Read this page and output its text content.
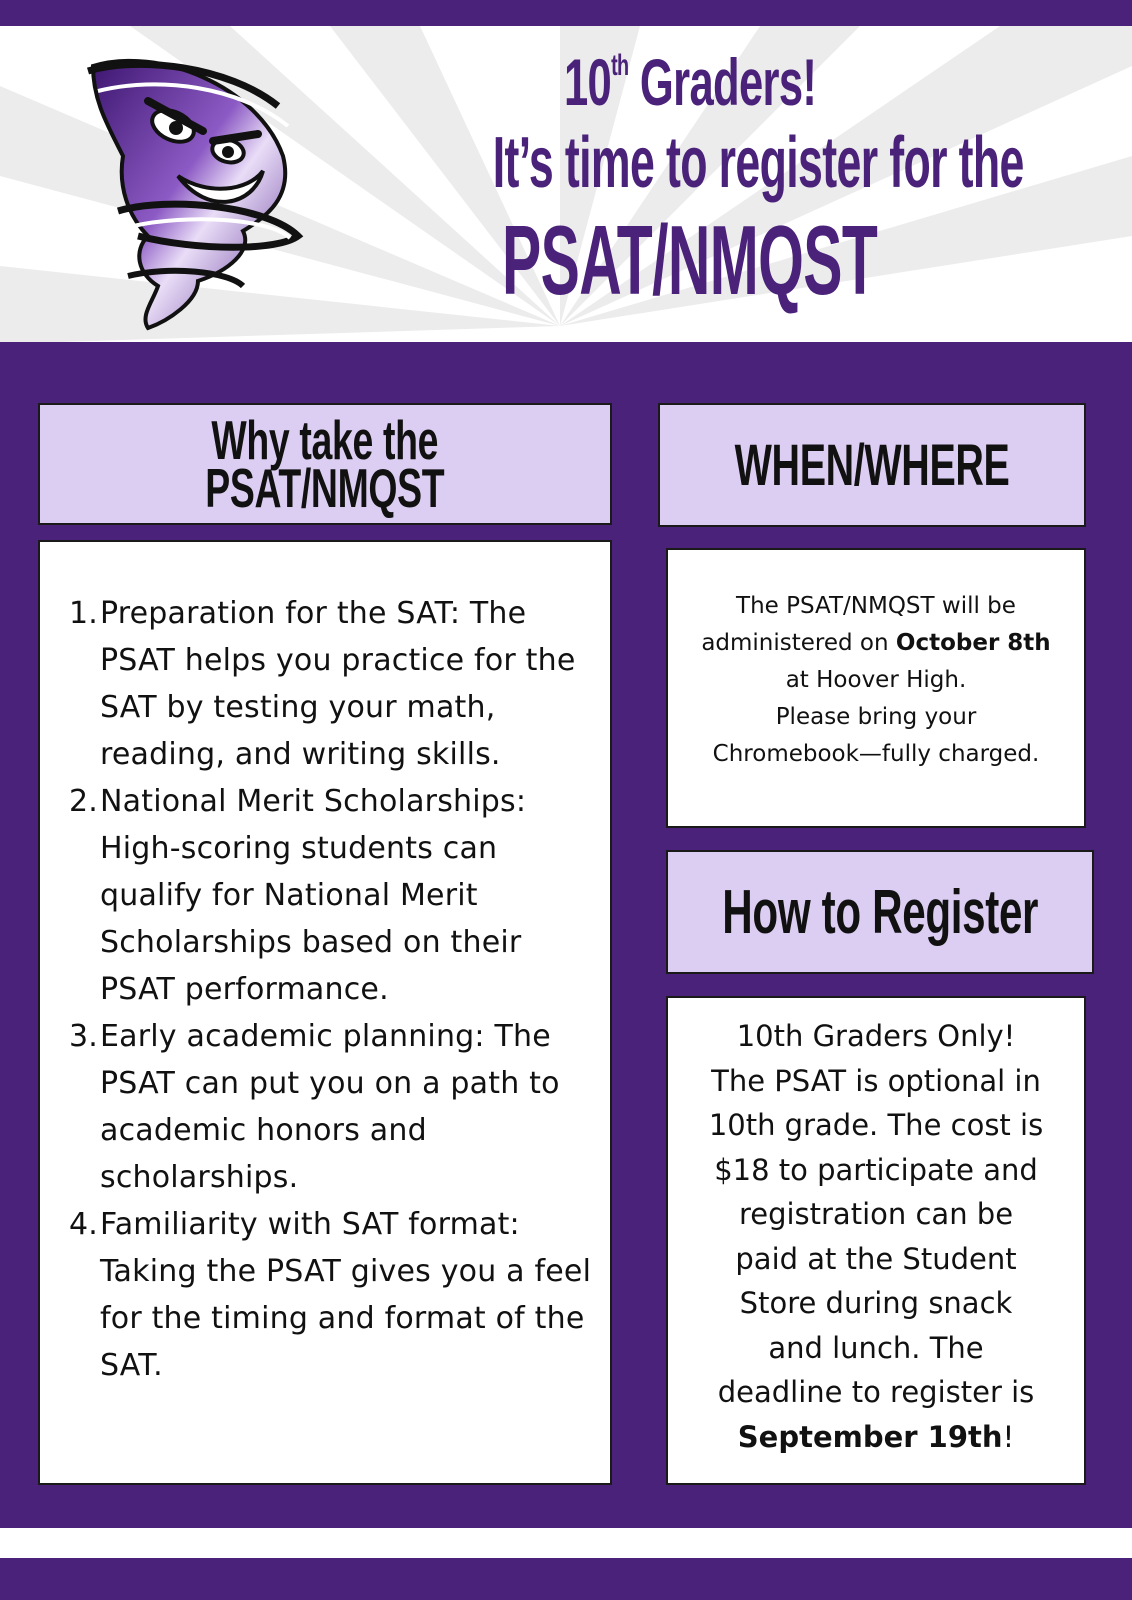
10th Graders!
It’s time to register for the
PSAT/NMQST
Why take the
PSAT/NMQST
1. Preparation for the SAT: The PSAT helps you practice for the SAT by testing your math, reading, and writing skills.
2. National Merit Scholarships: High-scoring students can qualify for National Merit Scholarships based on their PSAT performance.
3. Early academic planning: The PSAT can put you on a path to academic honors and scholarships.
4. Familiarity with SAT format: Taking the PSAT gives you a feel for the timing and format of the SAT.
WHEN/WHERE
The PSAT/NMQST will be
administered on October 8th
at Hoover High.
Please bring your
Chromebook—fully charged.
How to Register
10th Graders Only!
The PSAT is optional in
10th grade. The cost is
$18 to participate and
registration can be
paid at the Student
Store during snack
and lunch. The
deadline to register is
September 19th!
